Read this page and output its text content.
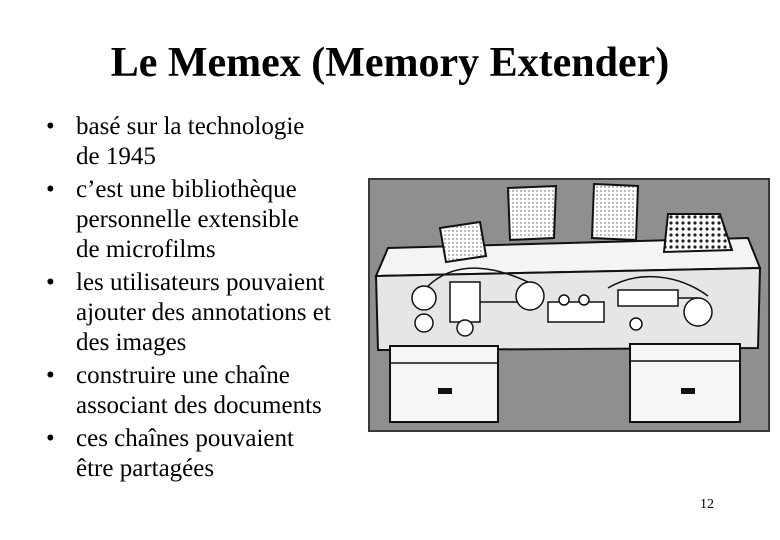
Le Memex (Memory Extender)
• basé sur la technologie
de 1945
• c’est une bibliothèque
personnelle extensible
de microfilms
• les utilisateurs pouvaient
ajouter des annotations et
des images
• construire une chaîne
associant des documents
• ces chaînes pouvaient
être partagées
12
